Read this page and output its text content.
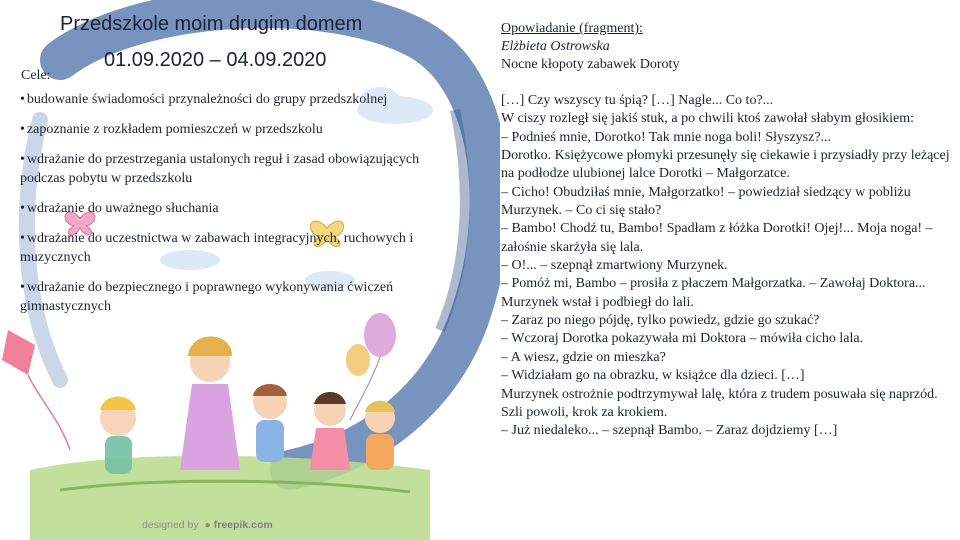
Przedszkole moim drugim domem
01.09.2020 – 04.09.2020
Cele:
• budowanie świadomości przynależności do grupy przedszkolnej
• zapoznanie z rozkładem pomieszczeń w przedszkolu
• wdrażanie do przestrzegania ustalonych reguł i zasad obowiązujących podczas pobytu w przedszkolu
• wdrażanie do uważnego słuchania
• wdrażanie do uczestnictwa w zabawach integracyjnych, ruchowych i muzycznych
• wdrażanie do bezpiecznego i poprawnego wykonywania ćwiczeń gimnastycznych
designed by  ● freepik.com
Opowiadanie (fragment):
Elżbieta Ostrowska
Nocne kłopoty zabawek Doroty

[…] Czy wszyscy tu śpią? […] Nagle... Co to?...

W ciszy rozległ się jakiś stuk, a po chwili ktoś zawołał słabym głosikiem:

– Podnieś mnie, Dorotko! Tak mnie noga boli! Słyszysz?...

Dorotko. Księżycowe płomyki przesunęły się ciekawie i przysiadły przy leżącej na podłodze ulubionej lalce Dorotki – Małgorzatce.

– Cicho! Obudziłaś mnie, Małgorzatko! – powiedział siedzący w pobliżu Murzynek. – Co ci się stało?

– Bambo! Chodź tu, Bambo! Spadłam z łóżka Dorotki! Ojej!... Moja noga! – załośnie skarżyła się lala.

– O!... – szepnął zmartwiony Murzynek.

– Pomóż mi, Bambo – prosiła z płaczem Małgorzatka. – Zawołaj Doktora...

Murzynek wstał i podbiegł do lali.

– Zaraz po niego pójdę, tylko powiedz, gdzie go szukać?

– Wczoraj Dorotka pokazywała mi Doktora – mówiła cicho lala.

– A wiesz, gdzie on mieszka?

– Widziałam go na obrazku, w książce dla dzieci. […]

Murzynek ostrożnie podtrzymywał lalę, która z trudem posuwała się naprzód. Szli powoli, krok za krokiem.

– Już niedaleko... – szepnął Bambo. – Zaraz dojdziemy […]
